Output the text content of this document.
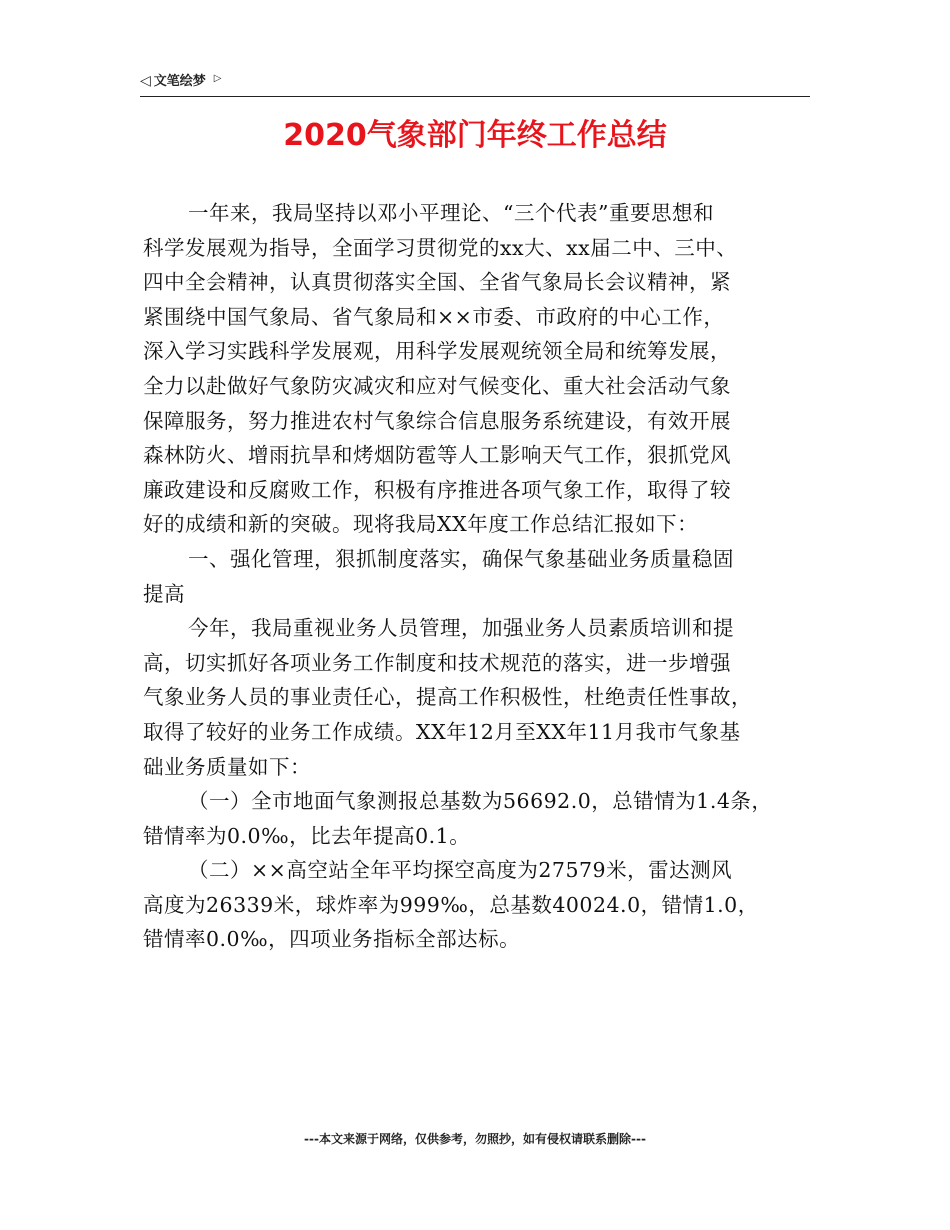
◁ 文笔绘梦 ▷
2020气象部门年终工作总结
一年来，我局坚持以邓小平理论、“三个代表”重要思想和
科学发展观为指导，全面学习贯彻党的xx大、xx届二中、三中、
四中全会精神，认真贯彻落实全国、全省气象局长会议精神，紧
紧围绕中国气象局、省气象局和××市委、市政府的中心工作，
深入学习实践科学发展观，用科学发展观统领全局和统筹发展，
全力以赴做好气象防灾减灾和应对气候变化、重大社会活动气象
保障服务，努力推进农村气象综合信息服务系统建设，有效开展
森林防火、增雨抗旱和烤烟防雹等人工影响天气工作，狠抓党风
廉政建设和反腐败工作，积极有序推进各项气象工作，取得了较
好的成绩和新的突破。现将我局XX年度工作总结汇报如下：
一、强化管理，狠抓制度落实，确保气象基础业务质量稳固
提高
今年，我局重视业务人员管理，加强业务人员素质培训和提
高，切实抓好各项业务工作制度和技术规范的落实，进一步增强
气象业务人员的事业责任心，提高工作积极性，杜绝责任性事故，
取得了较好的业务工作成绩。XX年12月至XX年11月我市气象基
础业务质量如下：
（一）全市地面气象测报总基数为56692.0，总错情为1.4条，
错情率为0.0‰，比去年提高0.1。
（二）××高空站全年平均探空高度为27579米，雷达测风
高度为26339米，球炸率为999‰，总基数40024.0，错情1.0，
错情率0.0‰，四项业务指标全部达标。
---本文来源于网络，仅供参考，勿照抄，如有侵权请联系删除---
